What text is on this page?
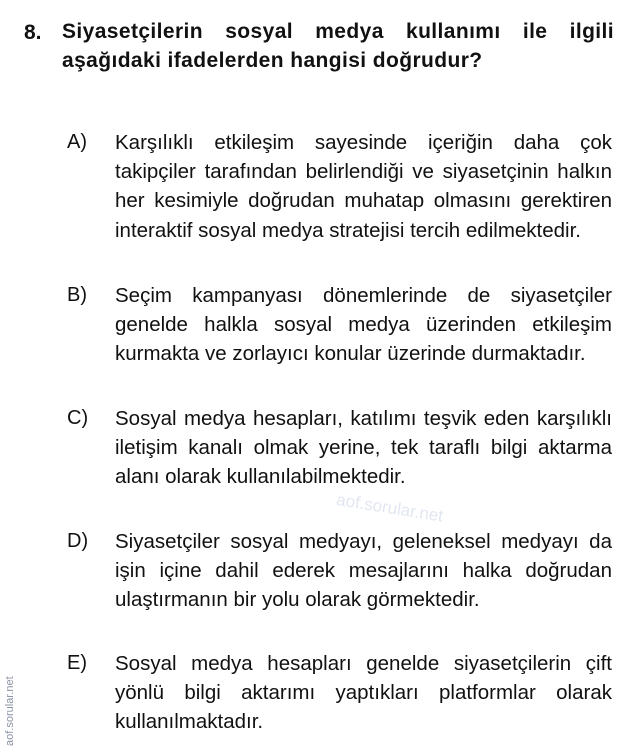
8. Siyasetçilerin sosyal medya kullanımı ile ilgili aşağıdaki ifadelerden hangisi doğrudur?
A)	Karşılıklı etkileşim sayesinde içeriğin daha çok takipçiler tarafından belirlendiği ve siyasetçinin halkın her kesimiyle doğrudan muhatap olmasını gerektiren interaktif sosyal medya stratejisi tercih edilmektedir.
B)	Seçim kampanyası dönemlerinde de siyasetçiler genelde halkla sosyal medya üzerinden etkileşim kurmakta ve zorlayıcı konular üzerinde durmaktadır.
C)	Sosyal medya hesapları, katılımı teşvik eden karşılıklı iletişim kanalı olmak yerine, tek taraflı bilgi aktarma alanı olarak kullanılabilmektedir.
D)	Siyasetçiler sosyal medyayı, geleneksel medyayı da işin içine dahil ederek mesajlarını halka doğrudan ulaştırmanın bir yolu olarak görmektedir.
E)	Sosyal medya hesapları genelde siyasetçilerin çift yönlü bilgi aktarımı yaptıkları platformlar olarak kullanılmaktadır.
aof.sorular.net
aof.sorular.net
